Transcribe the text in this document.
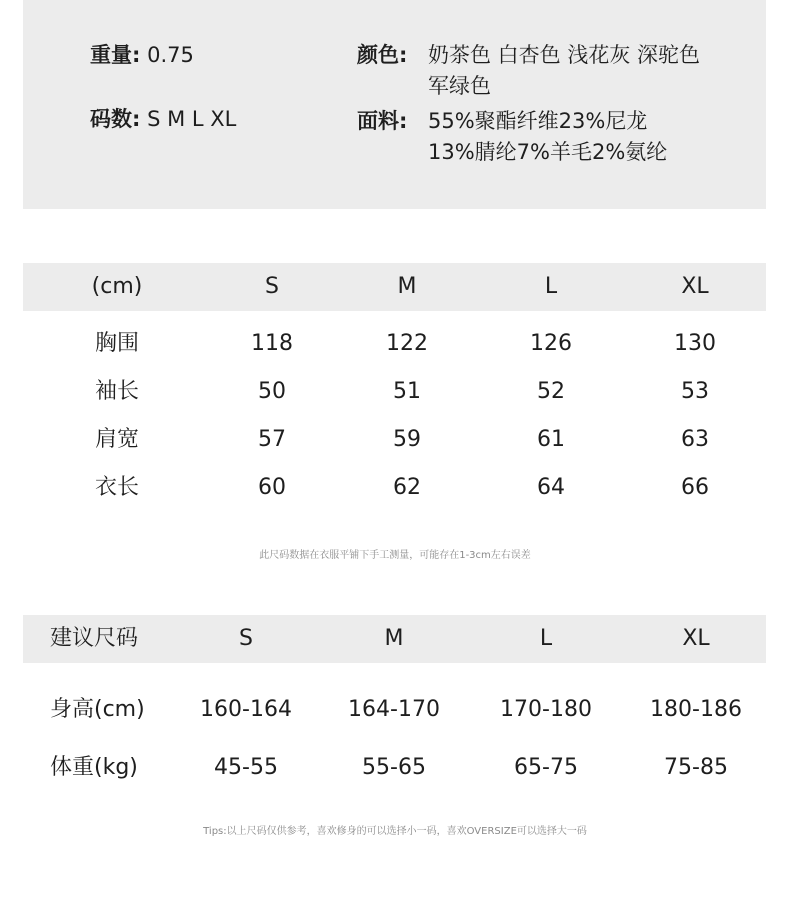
重量: 0.75
码数: S M L XL
颜色: 奶茶色 白杏色 浅花灰 深驼色 军绿色
面料: 55%聚酯纤维23%尼龙13%腈纶7%羊毛2%氨纶
(cm)	S	M	L	XL
胸围	118	122	126	130
袖长	50	51	52	53
肩宽	57	59	61	63
衣长	60	62	64	66
此尺码数据在衣服平铺下手工测量，可能存在1-3cm左右误差
建议尺码	S	M	L	XL
身高(cm)	160-164	164-170	170-180	180-186
体重(kg)	45-55	55-65	65-75	75-85
Tips:以上尺码仅供参考，喜欢修身的可以选择小一码，喜欢OVERSIZE可以选择大一码
